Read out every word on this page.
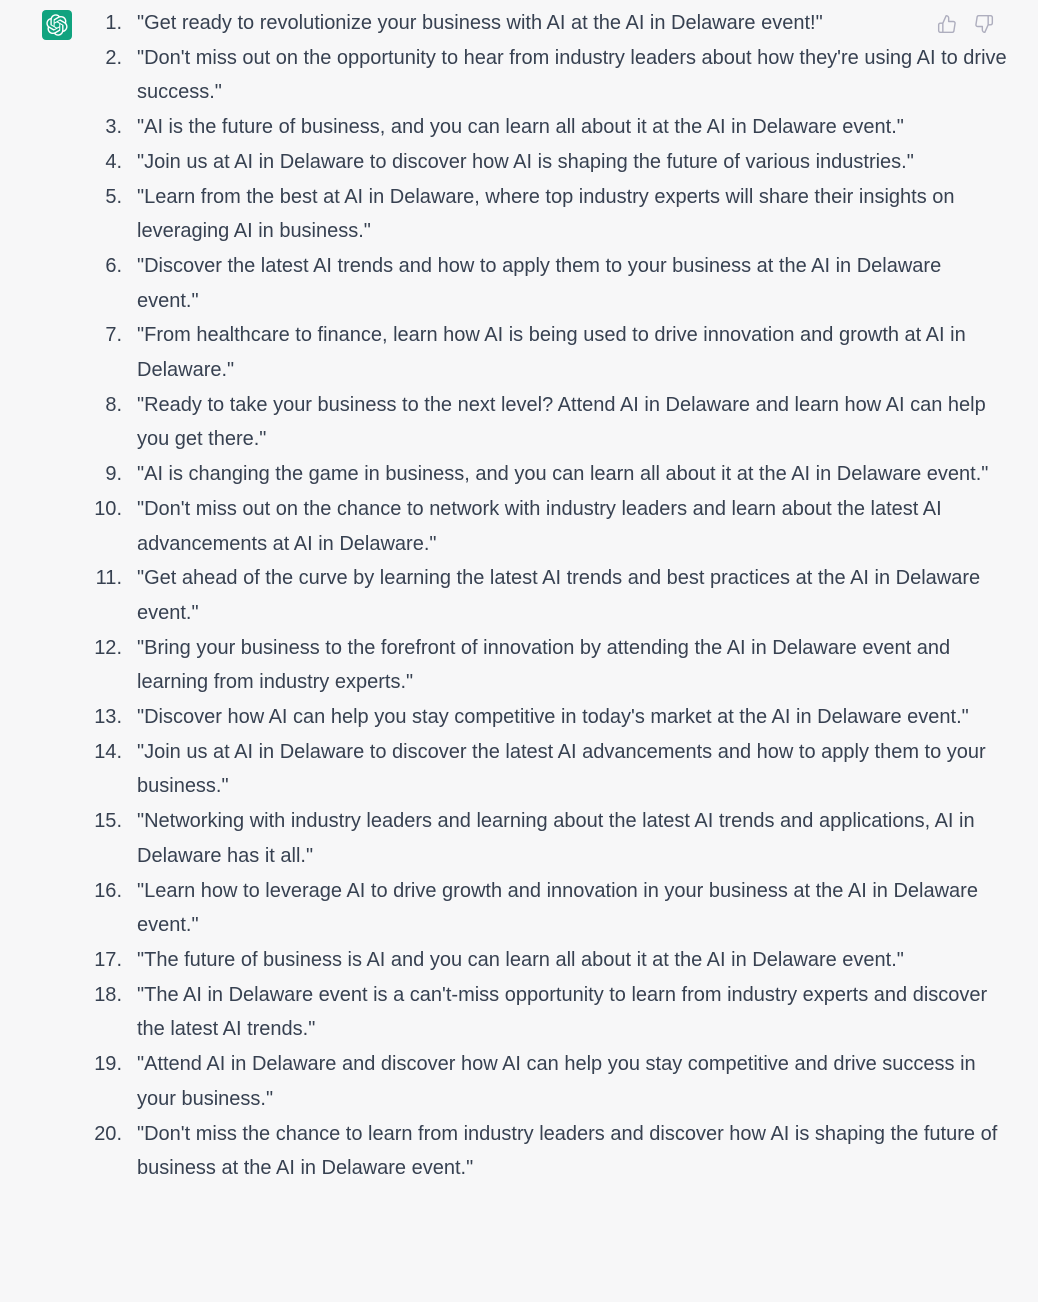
"Get ready to revolutionize your business with AI at the AI in Delaware event!"
"Don't miss out on the opportunity to hear from industry leaders about how they're using AI to drive success."
"AI is the future of business, and you can learn all about it at the AI in Delaware event."
"Join us at AI in Delaware to discover how AI is shaping the future of various industries."
"Learn from the best at AI in Delaware, where top industry experts will share their insights on leveraging AI in business."
"Discover the latest AI trends and how to apply them to your business at the AI in Delaware event."
"From healthcare to finance, learn how AI is being used to drive innovation and growth at AI in Delaware."
"Ready to take your business to the next level? Attend AI in Delaware and learn how AI can help you get there."
"AI is changing the game in business, and you can learn all about it at the AI in Delaware event."
"Don't miss out on the chance to network with industry leaders and learn about the latest AI advancements at AI in Delaware."
"Get ahead of the curve by learning the latest AI trends and best practices at the AI in Delaware event."
"Bring your business to the forefront of innovation by attending the AI in Delaware event and learning from industry experts."
"Discover how AI can help you stay competitive in today's market at the AI in Delaware event."
"Join us at AI in Delaware to discover the latest AI advancements and how to apply them to your business."
"Networking with industry leaders and learning about the latest AI trends and applications, AI in Delaware has it all."
"Learn how to leverage AI to drive growth and innovation in your business at the AI in Delaware event."
"The future of business is AI and you can learn all about it at the AI in Delaware event."
"The AI in Delaware event is a can't-miss opportunity to learn from industry experts and discover the latest AI trends."
"Attend AI in Delaware and discover how AI can help you stay competitive and drive success in your business."
"Don't miss the chance to learn from industry leaders and discover how AI is shaping the future of business at the AI in Delaware event."
